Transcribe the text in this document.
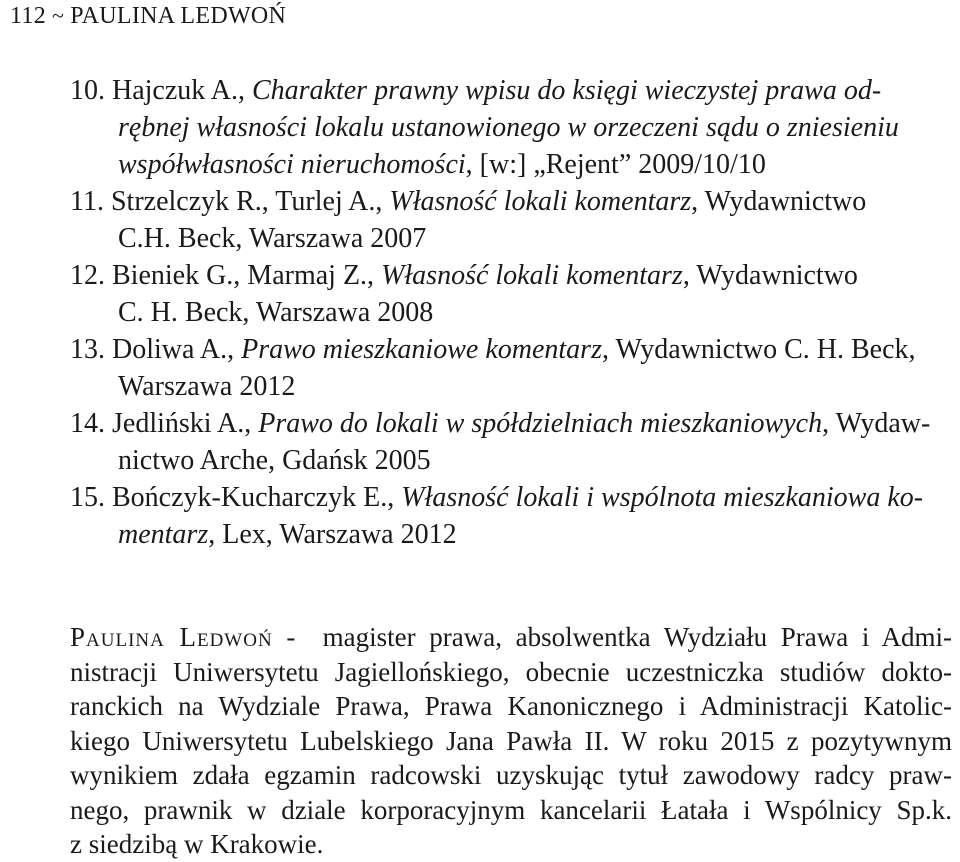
112 ~ PAULINA LEDWOŃ
10. Hajczuk A., Charakter prawny wpisu do księgi wieczystej prawa od-
rębnej własności lokalu ustanowionego w orzeczeni sądu o zniesieniu
współwłasności nieruchomości, [w:] „Rejent” 2009/10/10
11. Strzelczyk R., Turlej A., Własność lokali komentarz, Wydawnictwo
C.H. Beck, Warszawa 2007
12. Bieniek G., Marmaj Z., Własność lokali komentarz, Wydawnictwo
C. H. Beck, Warszawa 2008
13. Doliwa A., Prawo mieszkaniowe komentarz, Wydawnictwo C. H. Beck,
Warszawa 2012
14. Jedliński A., Prawo do lokali w spółdzielniach mieszkaniowych, Wydaw-
nictwo Arche, Gdańsk 2005
15. Bończyk-Kucharczyk E., Własność lokali i wspólnota mieszkaniowa ko-
mentarz, Lex, Warszawa 2012
Paulina Ledwoń -  magister prawa, absolwentka Wydziału Prawa i Admi-
nistracji Uniwersytetu Jagiellońskiego, obecnie uczestniczka studiów dokto-
ranckich na Wydziale Prawa, Prawa Kanonicznego i Administracji Katolic-
kiego Uniwersytetu Lubelskiego Jana Pawła II. W roku 2015 z pozytywnym
wynikiem zdała egzamin radcowski uzyskując tytuł zawodowy radcy praw-
nego, prawnik w dziale korporacyjnym kancelarii Łatała i Wspólnicy Sp.k.
z siedzibą w Krakowie.
